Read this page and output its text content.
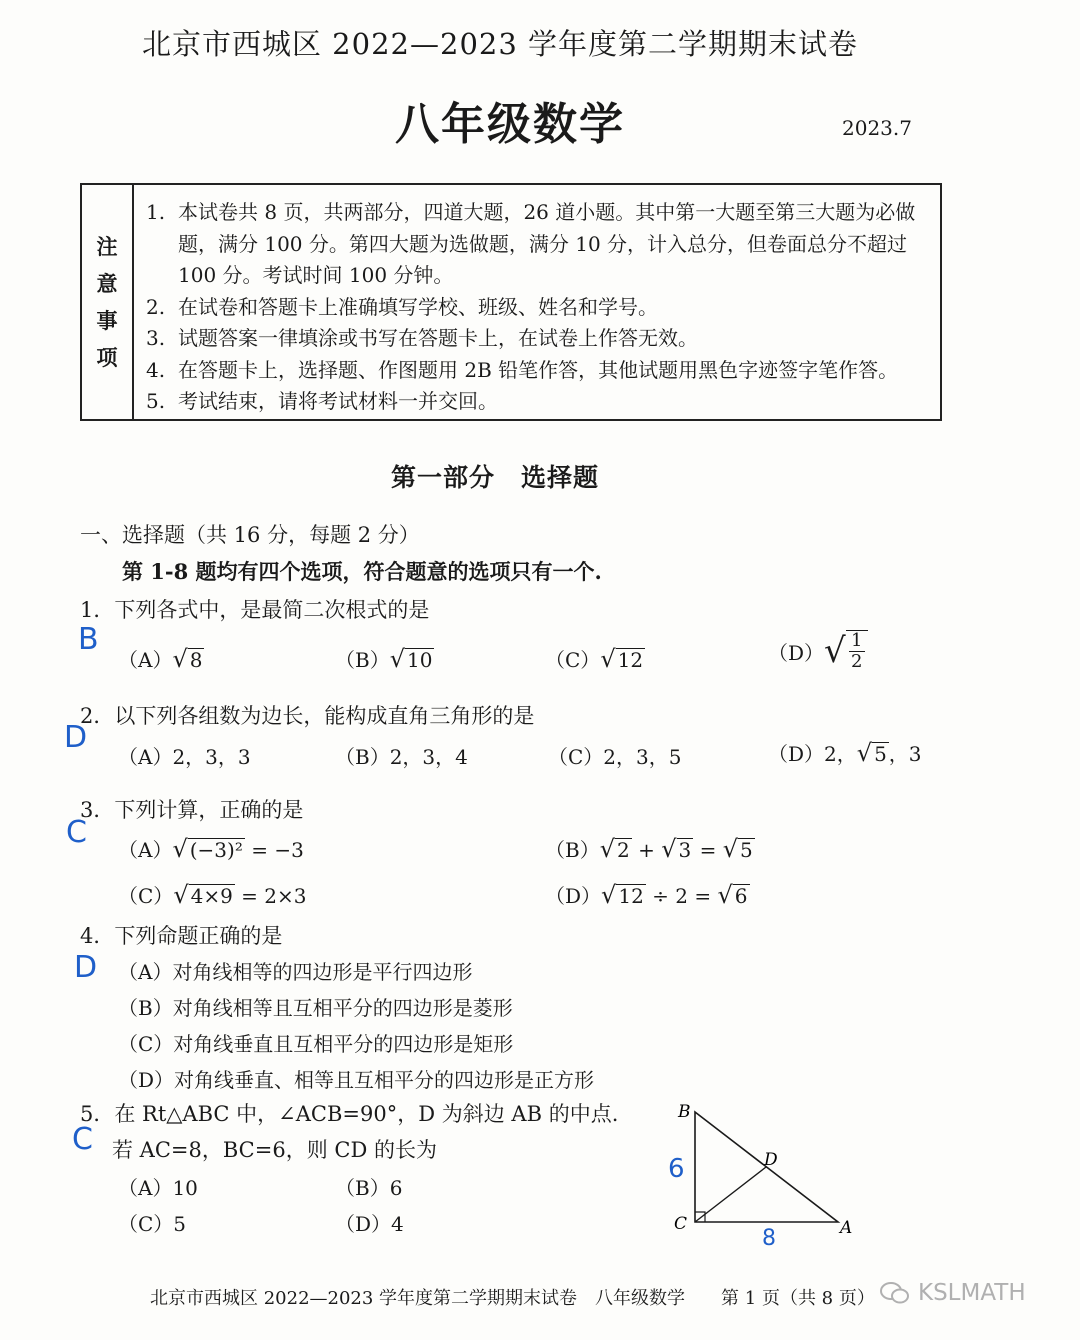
北京市西城区 2022—2023 学年度第二学期期末试卷
八年级数学	2023.7
注
意
事
项
1. 本试卷共 8 页，共两部分，四道大题，26 道小题。其中第一大题至第三大题为必做题，满分 100 分。第四大题为选做题，满分 10 分，计入总分，但卷面总分不超过 100 分。考试时间 100 分钟。
2. 在试卷和答题卡上准确填写学校、班级、姓名和学号。
3. 试题答案一律填涂或书写在答题卡上，在试卷上作答无效。
4. 在答题卡上，选择题、作图题用 2B 铅笔作答，其他试题用黑色字迹签字笔作答。
5. 考试结束，请将考试材料一并交回。
第一部分　选择题
一、选择题（共 16 分，每题 2 分）
第 1-8 题均有四个选项，符合题意的选项只有一个.
1．下列各式中，是最简二次根式的是
B
（A）√ 8	（B）√ 10	（C）√ 12	（D） √ $\frac{1}{2}$
2．以下列各组数为边长，能构成直角三角形的是
D
（A）2，3，3	（B）2，3，4	（C）2，3，5	（D）2，√ 5 ，3
3．下列计算，正确的是
C （A）√ (−3)² = −3	（B）√ 2 + √ 3 = √ 5
（C）√ 4×9 = 2×3	（D）√ 12 ÷ 2 = √ 6
4．下列命题正确的是
D （A）对角线相等的四边形是平行四边形
（B）对角线相等且互相平分的四边形是菱形
（C）对角线垂直且互相平分的四边形是矩形
（D）对角线垂直、相等且互相平分的四边形是正方形
5．在 Rt△ABC 中，∠ACB=90°，D 为斜边 AB 的中点.
C 若 AC=8，BC=6，则 CD 的长为
（A）10	（B）6
（C）5	（D）4
B
C	A
D
6
8
北京市西城区 2022—2023 学年度第二学期期末试卷　八年级数学　　第 1 页（共 8 页） KSLMATH
